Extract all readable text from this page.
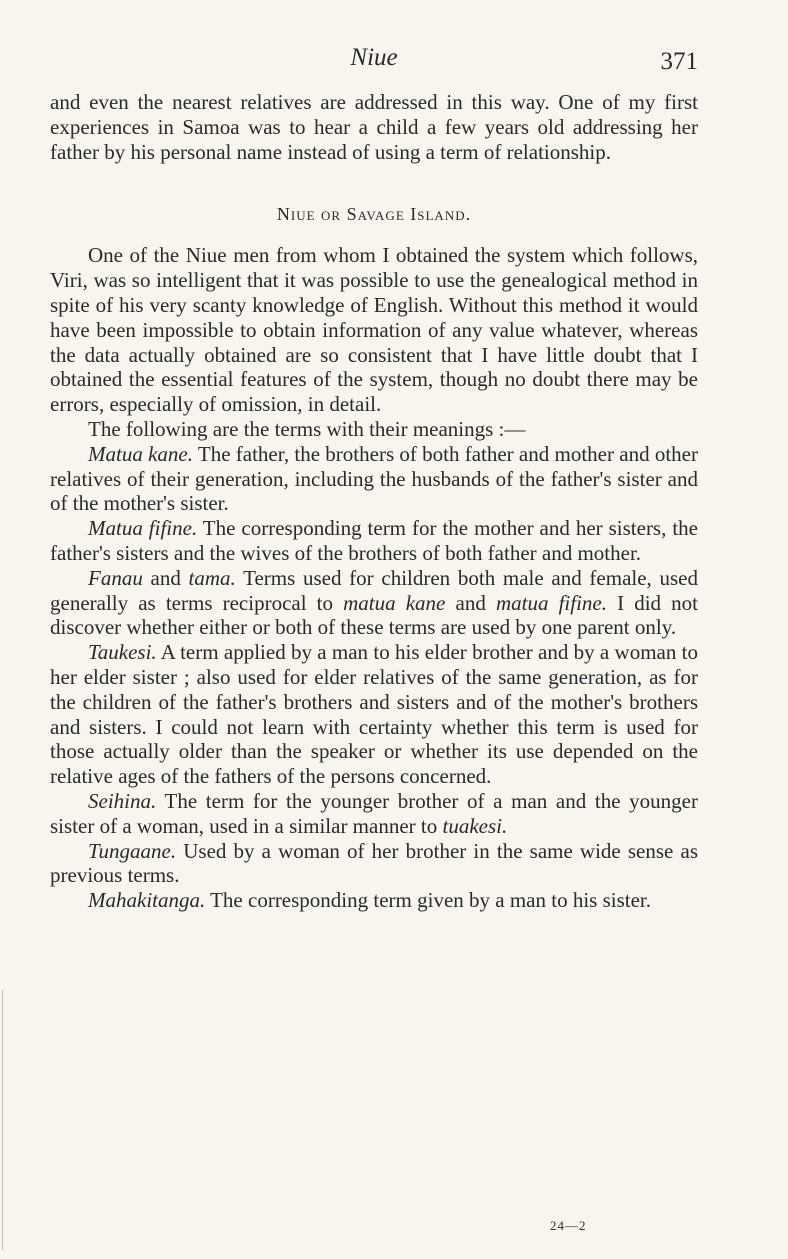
Niue	371

and even the nearest relatives are addressed in this way. One of my first experiences in Samoa was to hear a child a few years old addressing her father by his personal name instead of using a term of relationship.

Niue or Savage Island.

One of the Niue men from whom I obtained the system which follows, Viri, was so intelligent that it was possible to use the genealogical method in spite of his very scanty knowledge of English. Without this method it would have been impossible to obtain information of any value whatever, whereas the data actually obtained are so consistent that I have little doubt that I obtained the essential features of the system, though no doubt there may be errors, especially of omission, in detail.

The following are the terms with their meanings :—

Matua kane. The father, the brothers of both father and mother and other relatives of their generation, including the husbands of the father's sister and of the mother's sister.

Matua fifine. The corresponding term for the mother and her sisters, the father's sisters and the wives of the brothers of both father and mother.

Fanau and tama. Terms used for children both male and female, used generally as terms reciprocal to matua kane and matua fifine. I did not discover whether either or both of these terms are used by one parent only.

Taukesi. A term applied by a man to his elder brother and by a woman to her elder sister ; also used for elder relatives of the same generation, as for the children of the father's brothers and sisters and of the mother's brothers and sisters. I could not learn with certainty whether this term is used for those actually older than the speaker or whether its use depended on the relative ages of the fathers of the persons concerned.

Seihina. The term for the younger brother of a man and the younger sister of a woman, used in a similar manner to tuakesi.

Tungaane. Used by a woman of her brother in the same wide sense as previous terms.

Mahakitanga. The corresponding term given by a man to his sister.

24—2
